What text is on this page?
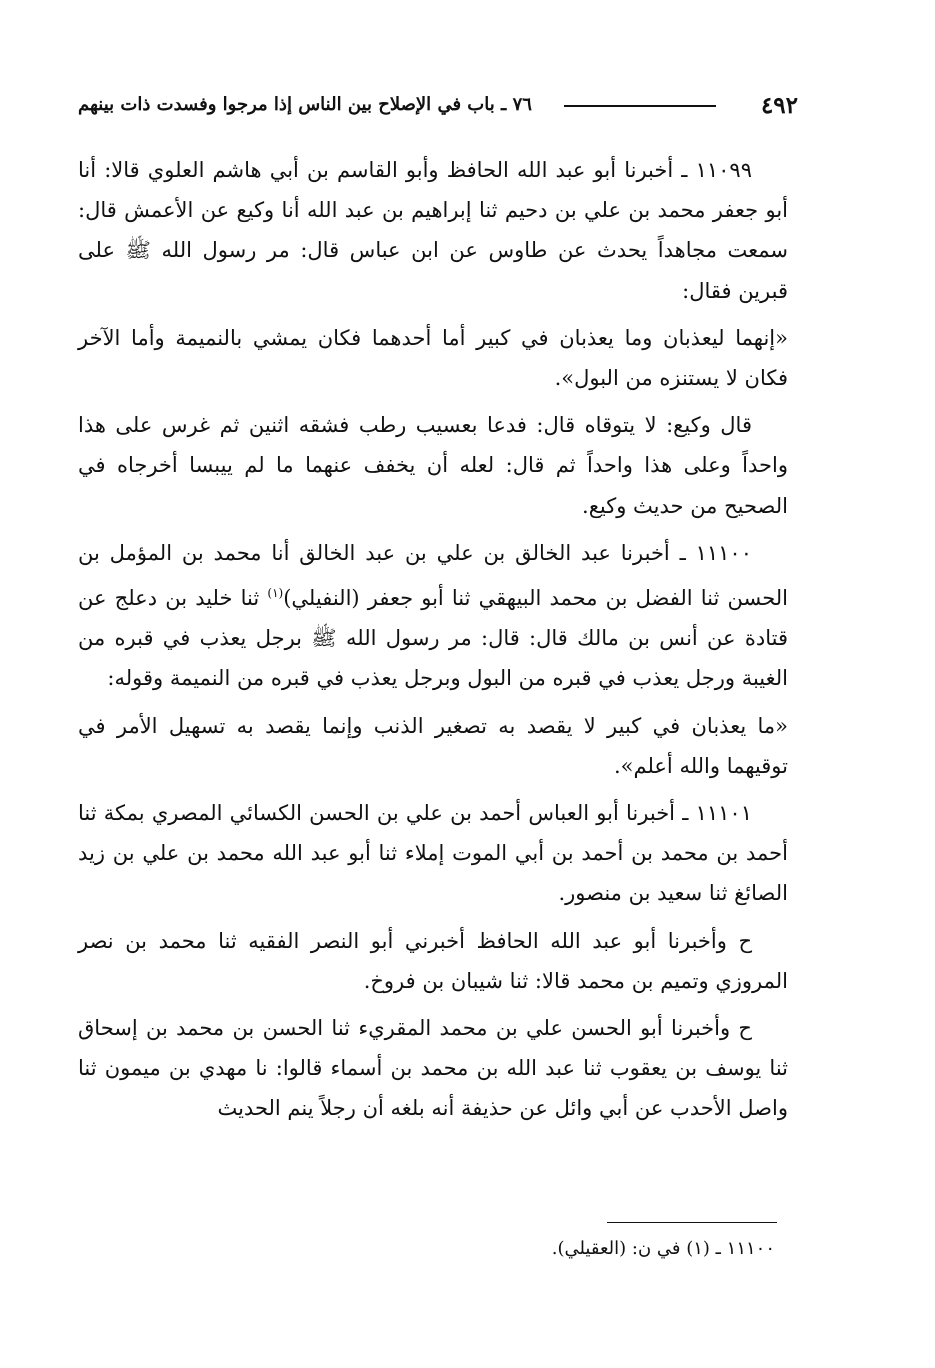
٤٩٢
٧٦ ـ باب في الإصلاح بين الناس إذا مرجوا وفسدت ذات بينهم

١١٠٩٩ ـ أخبرنا أبو عبد الله الحافظ وأبو القاسم بن أبي هاشم العلوي قالا: أنا أبو جعفر محمد بن علي بن دحيم ثنا إبراهيم بن عبد الله أنا وكيع عن الأعمش قال: سمعت مجاهداً يحدث عن طاوس عن ابن عباس قال: مر رسول الله ﷺ على قبرين فقال:

«إنهما ليعذبان وما يعذبان في كبير أما أحدهما فكان يمشي بالنميمة وأما الآخر فكان لا يستنزه من البول».

قال وكيع: لا يتوقاه قال: فدعا بعسيب رطب فشقه اثنين ثم غرس على هذا واحداً وعلى هذا واحداً ثم قال: لعله أن يخفف عنهما ما لم ييبسا أخرجاه في الصحيح من حديث وكيع.

١١١٠٠ ـ أخبرنا عبد الخالق بن علي بن عبد الخالق أنا محمد بن المؤمل بن الحسن ثنا الفضل بن محمد البيهقي ثنا أبو جعفر (النفيلي)$^{(١)}$ ثنا خليد بن دعلج عن قتادة عن أنس بن مالك قال: قال: مر رسول الله ﷺ برجل يعذب في قبره من الغيبة ورجل يعذب في قبره من البول وبرجل يعذب في قبره من النميمة وقوله:

«ما يعذبان في كبير لا يقصد به تصغير الذنب وإنما يقصد به تسهيل الأمر في توقيهما والله أعلم».

١١١٠١ ـ أخبرنا أبو العباس أحمد بن علي بن الحسن الكسائي المصري بمكة ثنا أحمد بن محمد بن أحمد بن أبي الموت إملاء ثنا أبو عبد الله محمد بن علي بن زيد الصائغ ثنا سعيد بن منصور.

ح وأخبرنا أبو عبد الله الحافظ أخبرني أبو النصر الفقيه ثنا محمد بن نصر المروزي وتميم بن محمد قالا: ثنا شيبان بن فروخ.

ح وأخبرنا أبو الحسن علي بن محمد المقريء ثنا الحسن بن محمد بن إسحاق ثنا يوسف بن يعقوب ثنا عبد الله بن محمد بن أسماء قالوا: نا مهدي بن ميمون ثنا واصل الأحدب عن أبي وائل عن حذيفة أنه بلغه أن رجلاً ينم الحديث

١١١٠٠ ـ (١) في ن: (العقيلي).
